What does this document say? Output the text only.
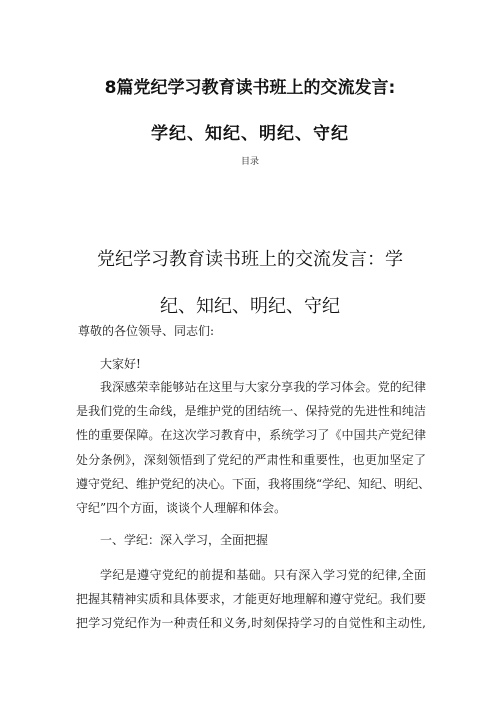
8篇党纪学习教育读书班上的交流发言:
学纪、知纪、明纪、守纪
目录
党纪学习教育读书班上的交流发言：学
纪、知纪、明纪、守纪
尊敬的各位领导、同志们:
大家好!
我深感荣幸能够站在这里与大家分享我的学习体会。党的纪律
是我们党的生命线，是维护党的团结统一、保持党的先进性和纯洁
性的重要保障。在这次学习教育中，系统学习了《中国共产党纪律
处分条例》，深刻领悟到了党纪的严肃性和重要性，也更加坚定了
遵守党纪、维护党纪的决心。下面，我将围绕“学纪、知纪、明纪、
守纪”四个方面，谈谈个人理解和体会。
一、学纪：深入学习，全面把握
学纪是遵守党纪的前提和基础。只有深入学习党的纪律,全面
把握其精神实质和具体要求，才能更好地理解和遵守党纪。我们要
把学习党纪作为一种责任和义务,时刻保持学习的自觉性和主动性,
